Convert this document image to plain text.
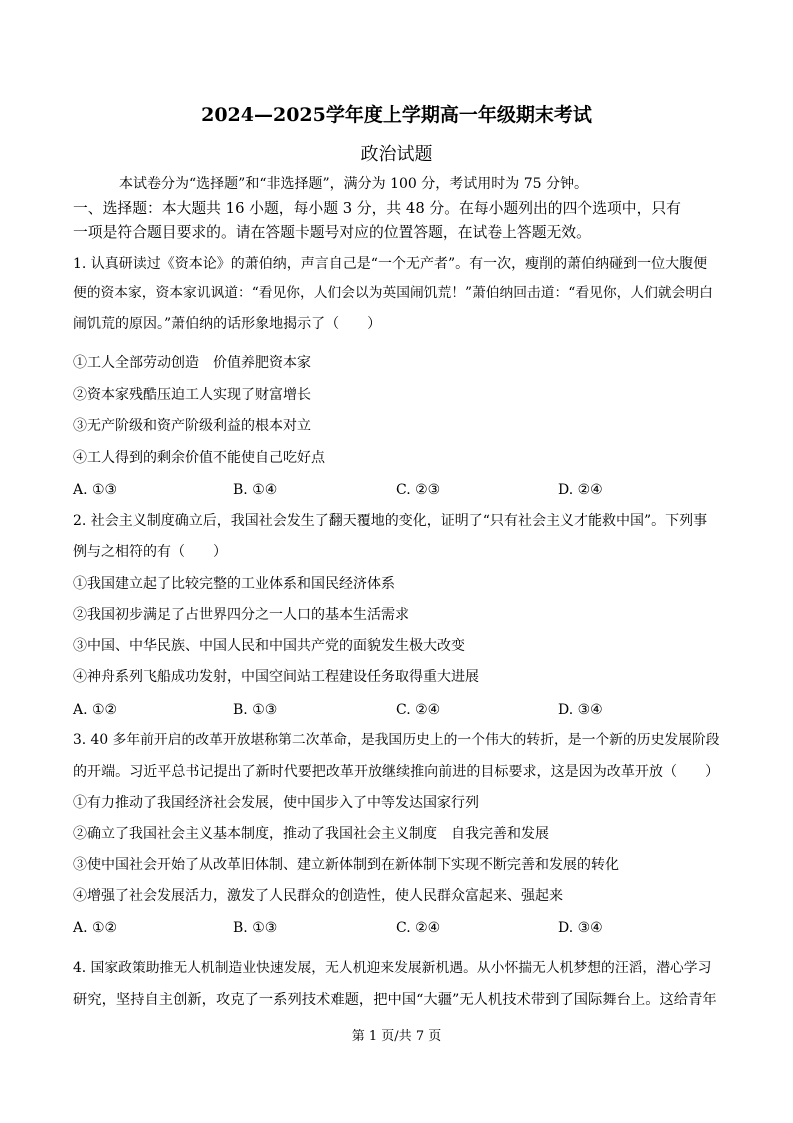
2024—2025学年度上学期高一年级期末考试
政治试题
本试卷分为“选择题”和“非选择题”，满分为 100 分，考试用时为 75 分钟。
一、选择题：本大题共 16 小题，每小题 3 分，共 48 分。在每小题列出的四个选项中，只有
一项是符合题目要求的。请在答题卡题号对应的位置答题，在试卷上答题无效。
1. 认真研读过《资本论》的萧伯纳，声言自己是“一个无产者”。有一次，瘦削的萧伯纳碰到一位大腹便
便的资本家，资本家讥讽道：“看见你，人们会以为英国闹饥荒！”萧伯纳回击道：“看见你，人们就会明白
闹饥荒的原因。”萧伯纳的话形象地揭示了（　　）
①工人全部劳动创造　价值养肥资本家
②资本家残酷压迫工人实现了财富增长
③无产阶级和资产阶级利益的根本对立
④工人得到的剩余价值不能使自己吃好点
A. ①③	B. ①④	C. ②③	D. ②④
2. 社会主义制度确立后，我国社会发生了翻天覆地的变化，证明了“只有社会主义才能救中国”。下列事
例与之相符的有（　　）
①我国建立起了比较完整的工业体系和国民经济体系
②我国初步满足了占世界四分之一人口的基本生活需求
③中国、中华民族、中国人民和中国共产党的面貌发生极大改变
④神舟系列飞船成功发射，中国空间站工程建设任务取得重大进展
A. ①②	B. ①③	C. ②④	D. ③④
3. 40 多年前开启的改革开放堪称第二次革命，是我国历史上的一个伟大的转折，是一个新的历史发展阶段
的开端。习近平总书记提出了新时代要把改革开放继续推向前进的目标要求，这是因为改革开放（　　）
①有力推动了我国经济社会发展，使中国步入了中等发达国家行列
②确立了我国社会主义基本制度，推动了我国社会主义制度　自我完善和发展
③使中国社会开始了从改革旧体制、建立新体制到在新体制下实现不断完善和发展的转化
④增强了社会发展活力，激发了人民群众的创造性，使人民群众富起来、强起来
A. ①②	B. ①③	C. ②④	D. ③④
4. 国家政策助推无人机制造业快速发展，无人机迎来发展新机遇。从小怀揣无人机梦想的汪滔，潜心学习
研究，坚持自主创新，攻克了一系列技术难题，把中国“大疆”无人机技术带到了国际舞台上。这给青年
第 1 页/共 7 页
